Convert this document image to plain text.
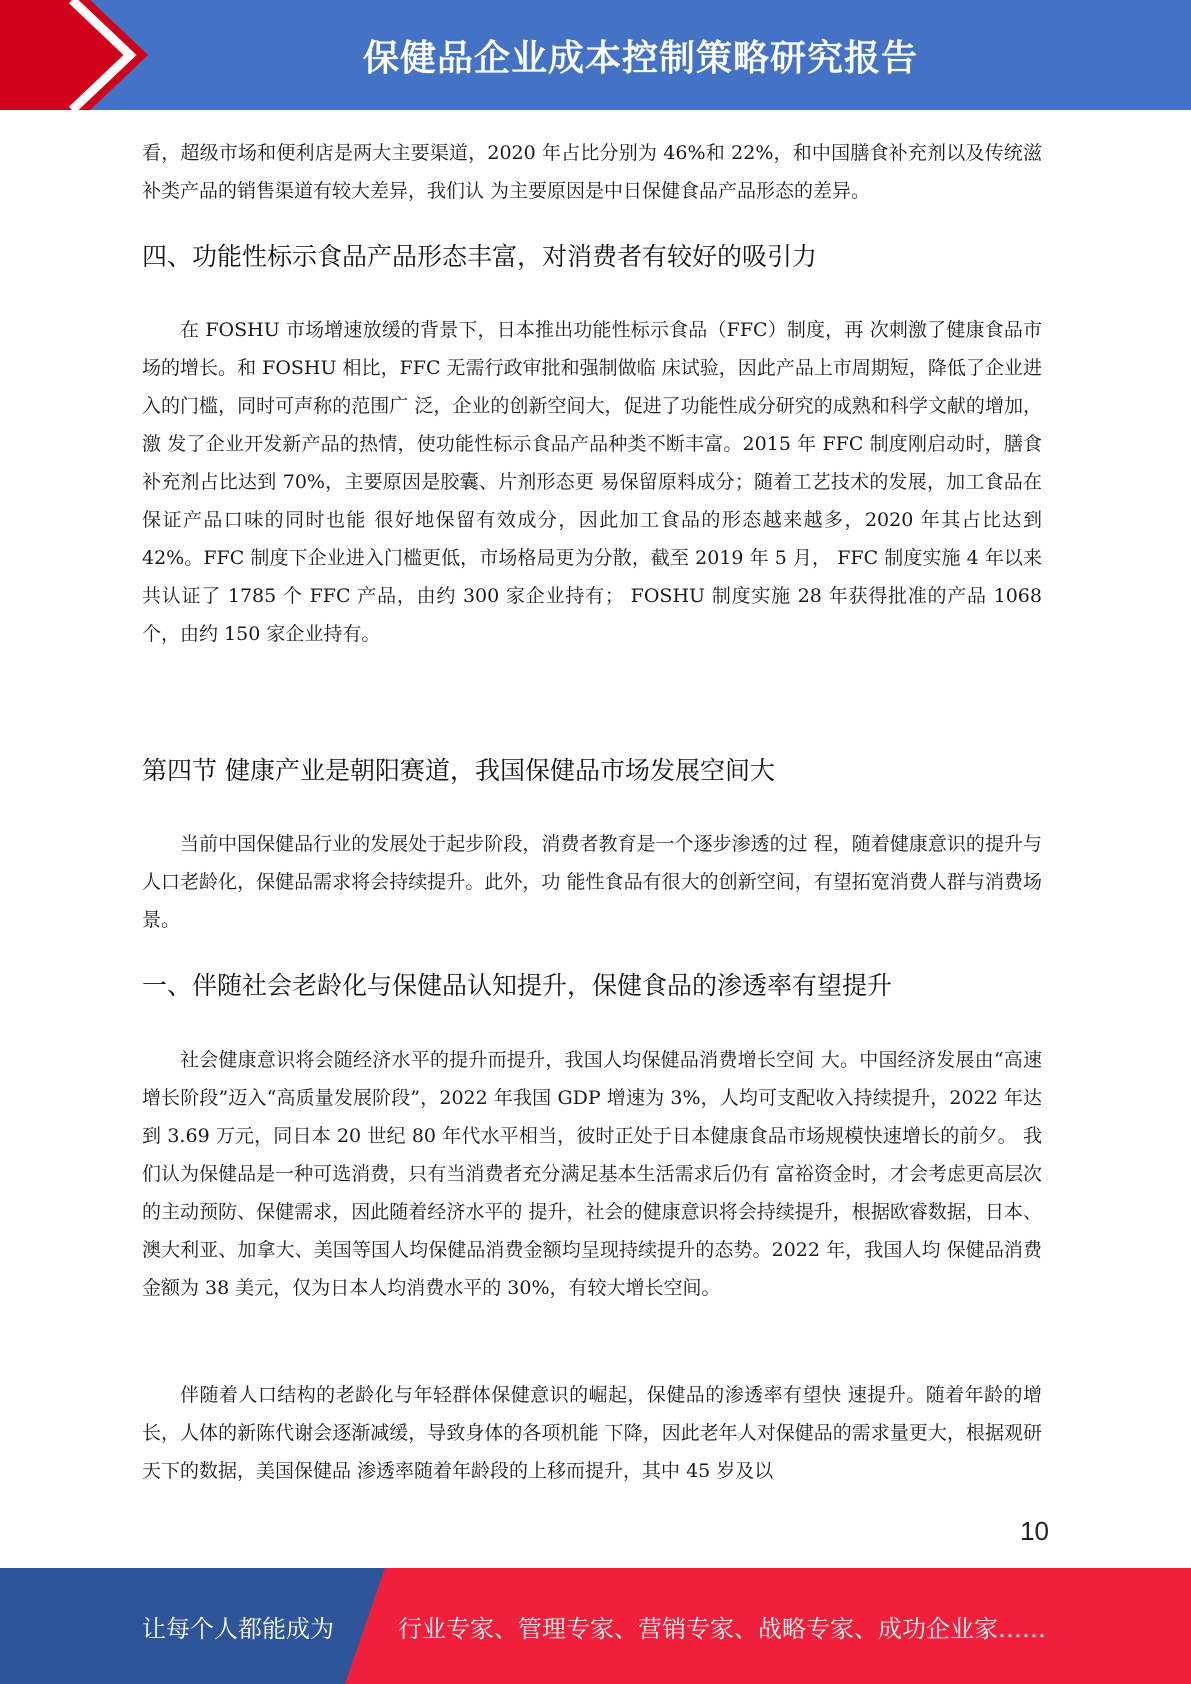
保健品企业成本控制策略研究报告

看，超级市场和便利店是两大主要渠道，2020 年占比分别为 46%和 22%，和中国膳食补充剂以及传统滋补类产品的销售渠道有较大差异，我们认 为主要原因是中日保健食品产品形态的差异。

四、功能性标示食品产品形态丰富，对消费者有较好的吸引力

在 FOSHU 市场增速放缓的背景下，日本推出功能性标示食品（FFC）制度，再 次刺激了健康食品市场的增长。和 FOSHU 相比，FFC 无需行政审批和强制做临 床试验，因此产品上市周期短，降低了企业进入的门槛，同时可声称的范围广 泛，企业的创新空间大，促进了功能性成分研究的成熟和科学文献的增加，激 发了企业开发新产品的热情，使功能性标示食品产品种类不断丰富。2015 年 FFC 制度刚启动时，膳食补充剂占比达到 70%，主要原因是胶囊、片剂形态更 易保留原料成分；随着工艺技术的发展，加工食品在保证产品口味的同时也能 很好地保留有效成分，因此加工食品的形态越来越多，2020 年其占比达到 42%。FFC 制度下企业进入门槛更低，市场格局更为分散，截至 2019 年 5 月， FFC 制度实施 4 年以来共认证了 1785 个 FFC 产品，由约 300 家企业持有； FOSHU 制度实施 28 年获得批准的产品 1068 个，由约 150 家企业持有。

第四节 健康产业是朝阳赛道，我国保健品市场发展空间大

当前中国保健品行业的发展处于起步阶段，消费者教育是一个逐步渗透的过 程，随着健康意识的提升与人口老龄化，保健品需求将会持续提升。此外，功 能性食品有很大的创新空间，有望拓宽消费人群与消费场景。

一、伴随社会老龄化与保健品认知提升，保健食品的渗透率有望提升

社会健康意识将会随经济水平的提升而提升，我国人均保健品消费增长空间 大。中国经济发展由“高速增长阶段”迈入“高质量发展阶段”，2022 年我国 GDP 增速为 3%，人均可支配收入持续提升，2022 年达到 3.69 万元，同日本 20 世纪 80 年代水平相当，彼时正处于日本健康食品市场规模快速增长的前夕。 我们认为保健品是一种可选消费，只有当消费者充分满足基本生活需求后仍有 富裕资金时，才会考虑更高层次的主动预防、保健需求，因此随着经济水平的 提升，社会的健康意识将会持续提升，根据欧睿数据，日本、澳大利亚、加拿大、美国等国人均保健品消费金额均呈现持续提升的态势。2022 年，我国人均 保健品消费金额为 38 美元，仅为日本人均消费水平的 30%，有较大增长空间。

伴随着人口结构的老龄化与年轻群体保健意识的崛起，保健品的渗透率有望快 速提升。随着年龄的增长，人体的新陈代谢会逐渐减缓，导致身体的各项机能 下降，因此老年人对保健品的需求量更大，根据观研天下的数据，美国保健品 渗透率随着年龄段的上移而提升，其中 45 岁及以

10
让每个人都能成为	行业专家、管理专家、营销专家、战略专家、成功企业家……
